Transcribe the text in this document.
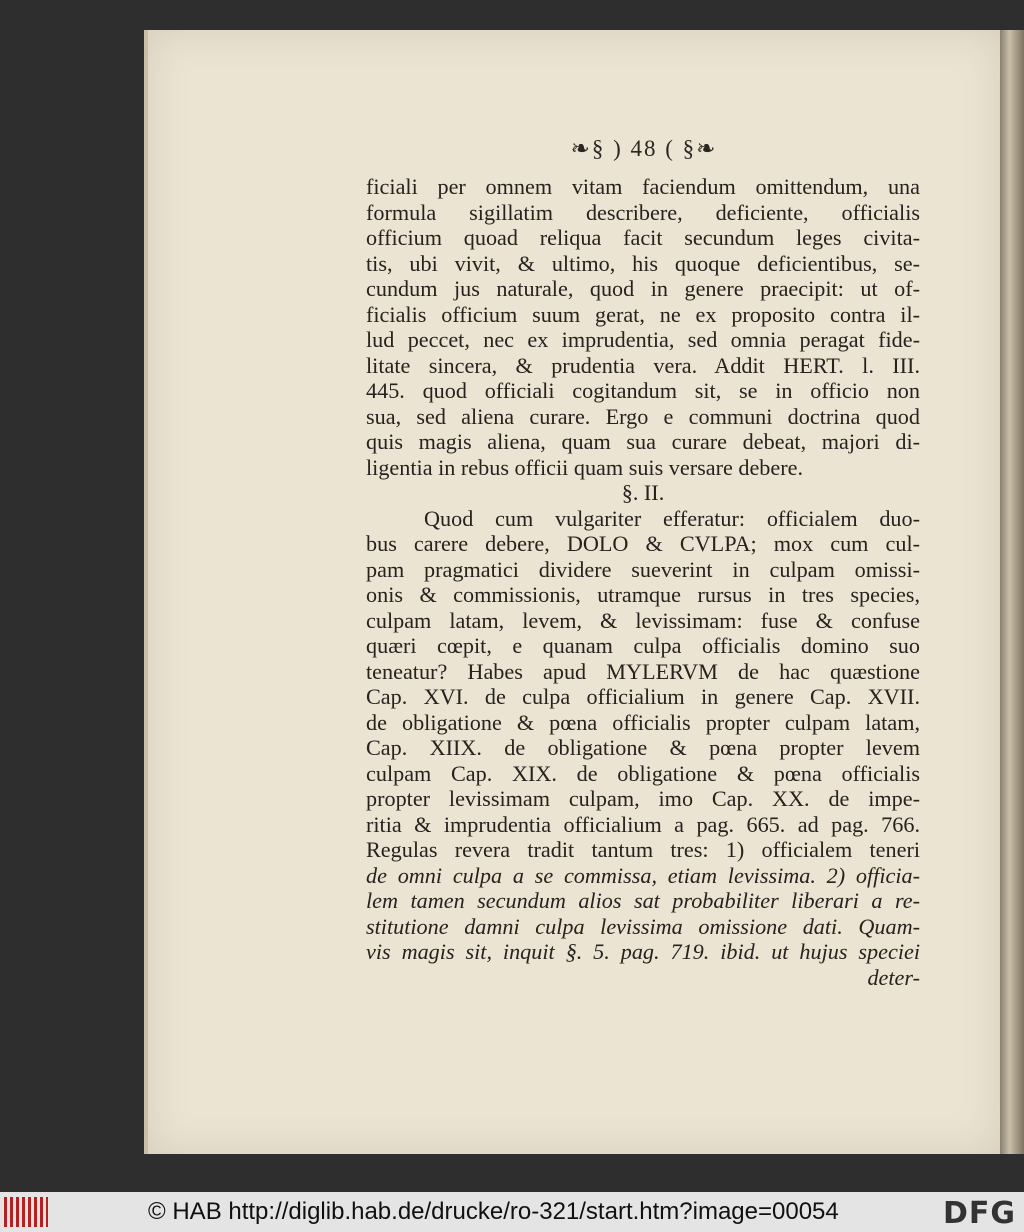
❧§ ) 48 ( §❧
ficiali per omnem vitam faciendum omittendum, una
formula sigillatim describere, deficiente, officialis
officium quoad reliqua facit secundum leges civita-
tis, ubi vivit, & ultimo, his quoque deficientibus, se-
cundum jus naturale, quod in genere praecipit: ut of-
ficialis officium suum gerat, ne ex proposito contra il-
lud peccet, nec ex imprudentia, sed omnia peragat fide-
litate sincera, & prudentia vera. Addit HERT. l. III.
445. quod officiali cogitandum sit, se in officio non
sua, sed aliena curare. Ergo e communi doctrina quod
quis magis aliena, quam sua curare debeat, majori di-
ligentia in rebus officii quam suis versare debere.
§. II.
Quod cum vulgariter efferatur: officialem duo-
bus carere debere, DOLO & CVLPA; mox cum cul-
pam pragmatici dividere sueverint in culpam omissi-
onis & commissionis, utramque rursus in tres species,
culpam latam, levem, & levissimam: fuse & confuse
quæri cœpit, e quanam culpa officialis domino suo
teneatur? Habes apud MYLERVM de hac quæstione
Cap. XVI. de culpa officialium in genere Cap. XVII.
de obligatione & pœna officialis propter culpam latam,
Cap. XIIX. de obligatione & pœna propter levem
culpam Cap. XIX. de obligatione & pœna officialis
propter levissimam culpam, imo Cap. XX. de impe-
ritia & imprudentia officialium a pag. 665. ad pag. 766.
Regulas revera tradit tantum tres: 1) officialem teneri
de omni culpa a se commissa, etiam levissima. 2) officia-
lem tamen secundum alios sat probabiliter liberari a re-
stitutione damni culpa levissima omissione dati. Quam-
vis magis sit, inquit §. 5. pag. 719. ibid. ut hujus speciei
deter-
© HAB http://diglib.hab.de/drucke/ro-321/start.htm?image=00054	DFG
